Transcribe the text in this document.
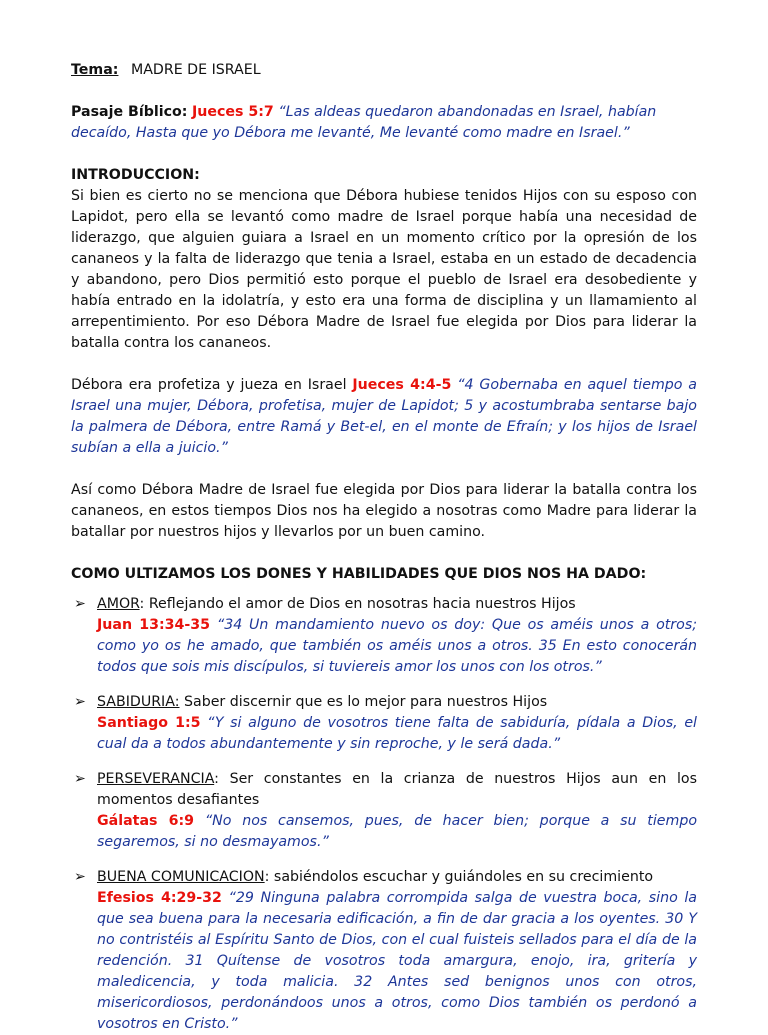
Tema: MADRE DE ISRAEL

Pasaje Bíblico: Jueces 5:7 “Las aldeas quedaron abandonadas en Israel, habían decaído, Hasta que yo Débora me levanté, Me levanté como madre en Israel.”

INTRODUCCION:

Si bien es cierto no se menciona que Débora hubiese tenidos Hijos con su esposo con Lapidot, pero ella se levantó como madre de Israel porque había una necesidad de liderazgo, que alguien guiara a Israel en un momento crítico por la opresión de los cananeos y la falta de liderazgo que tenia a Israel, estaba en un estado de decadencia y abandono, pero Dios permitió esto porque el pueblo de Israel era desobediente y había entrado en la idolatría, y esto era una forma de disciplina y un llamamiento al arrepentimiento. Por eso Débora Madre de Israel fue elegida por Dios para liderar la batalla contra los cananeos.

Débora era profetiza y jueza en Israel Jueces 4:4-5 “4 Gobernaba en aquel tiempo a Israel una mujer, Débora, profetisa, mujer de Lapidot; 5 y acostumbraba sentarse bajo la palmera de Débora, entre Ramá y Bet-el, en el monte de Efraín; y los hijos de Israel subían a ella a juicio.”

Así como Débora Madre de Israel fue elegida por Dios para liderar la batalla contra los cananeos, en estos tiempos Dios nos ha elegido a nosotras como Madre para liderar la batallar por nuestros hijos y llevarlos por un buen camino.

COMO ULTIZAMOS LOS DONES Y HABILIDADES QUE DIOS NOS HA DADO:

➢ AMOR: Reflejando el amor de Dios en nosotras hacia nuestros Hijos

Juan 13:34-35 “34 Un mandamiento nuevo os doy: Que os améis unos a otros; como yo os he amado, que también os améis unos a otros. 35 En esto conocerán todos que sois mis discípulos, si tuviereis amor los unos con los otros.”

➢ SABIDURIA: Saber discernir que es lo mejor para nuestros Hijos

Santiago 1:5 “Y si alguno de vosotros tiene falta de sabiduría, pídala a Dios, el cual da a todos abundantemente y sin reproche, y le será dada.”

➢ PERSEVERANCIA: Ser constantes en la crianza de nuestros Hijos aun en los momentos desafiantes

Gálatas 6:9 “No nos cansemos, pues, de hacer bien; porque a su tiempo segaremos, si no desmayamos.”

➢ BUENA COMUNICACION: sabiéndolos escuchar y guiándoles en su crecimiento

Efesios 4:29-32 “29 Ninguna palabra corrompida salga de vuestra boca, sino la que sea buena para la necesaria edificación, a fin de dar gracia a los oyentes. 30 Y no contristéis al Espíritu Santo de Dios, con el cual fuisteis sellados para el día de la redención. 31 Quítense de vosotros toda amargura, enojo, ira, gritería y maledicencia, y toda malicia. 32 Antes sed benignos unos con otros, misericordiosos, perdonándoos unos a otros, como Dios también os perdonó a vosotros en Cristo.”
